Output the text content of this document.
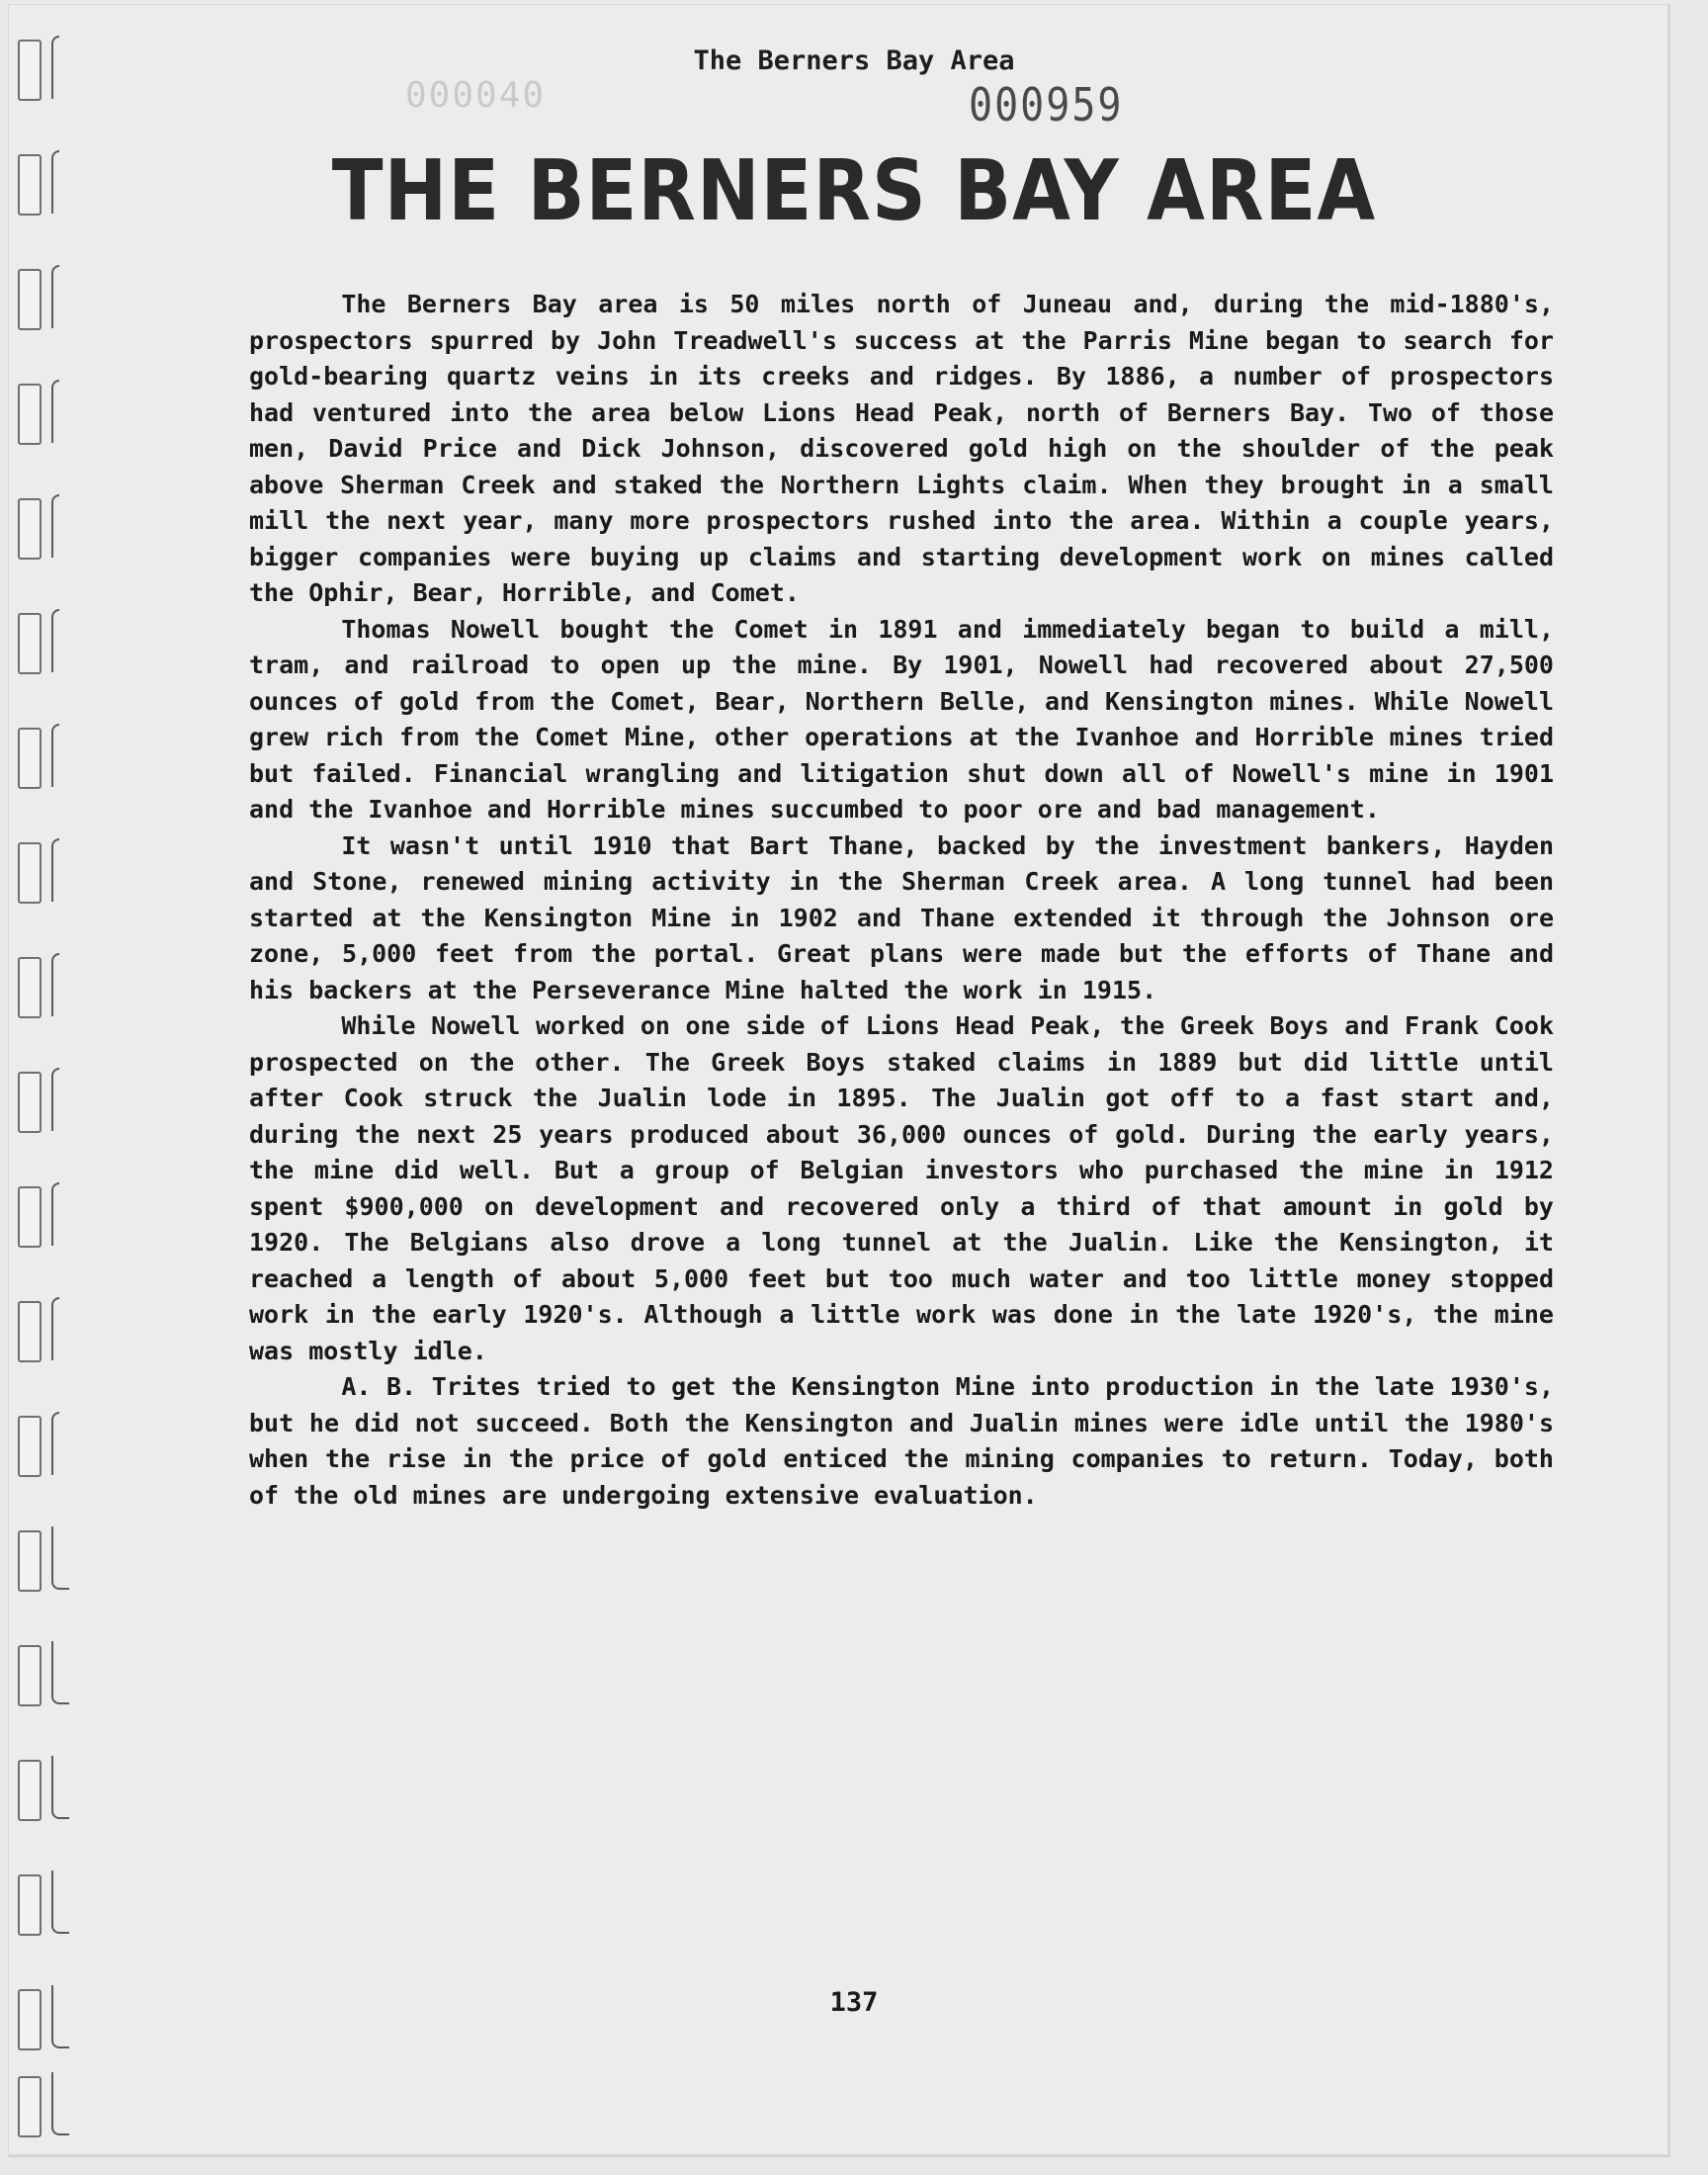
000040
The Berners Bay Area
000959
THE BERNERS BAY AREA

The Berners Bay area is 50 miles north of Juneau and, during the mid-1880's, prospectors spurred by John Treadwell's success at the Parris Mine began to search for gold-bearing quartz veins in its creeks and ridges. By 1886, a number of prospectors had ventured into the area below Lions Head Peak, north of Berners Bay. Two of those men, David Price and Dick Johnson, discovered gold high on the shoulder of the peak above Sherman Creek and staked the Northern Lights claim. When they brought in a small mill the next year, many more prospectors rushed into the area. Within a couple years, bigger companies were buying up claims and starting development work on mines called the Ophir, Bear, Horrible, and Comet.

Thomas Nowell bought the Comet in 1891 and immediately began to build a mill, tram, and railroad to open up the mine. By 1901, Nowell had recovered about 27,500 ounces of gold from the Comet, Bear, Northern Belle, and Kensington mines. While Nowell grew rich from the Comet Mine, other operations at the Ivanhoe and Horrible mines tried but failed. Financial wrangling and litigation shut down all of Nowell's mine in 1901 and the Ivanhoe and Horrible mines succumbed to poor ore and bad management.

It wasn't until 1910 that Bart Thane, backed by the investment bankers, Hayden and Stone, renewed mining activity in the Sherman Creek area. A long tunnel had been started at the Kensington Mine in 1902 and Thane extended it through the Johnson ore zone, 5,000 feet from the portal. Great plans were made but the efforts of Thane and his backers at the Perseverance Mine halted the work in 1915.

While Nowell worked on one side of Lions Head Peak, the Greek Boys and Frank Cook prospected on the other. The Greek Boys staked claims in 1889 but did little until after Cook struck the Jualin lode in 1895. The Jualin got off to a fast start and, during the next 25 years produced about 36,000 ounces of gold. During the early years, the mine did well. But a group of Belgian investors who purchased the mine in 1912 spent $900,000 on development and recovered only a third of that amount in gold by 1920. The Belgians also drove a long tunnel at the Jualin. Like the Kensington, it reached a length of about 5,000 feet but too much water and too little money stopped work in the early 1920's. Although a little work was done in the late 1920's, the mine was mostly idle.

A. B. Trites tried to get the Kensington Mine into production in the late 1930's, but he did not succeed. Both the Kensington and Jualin mines were idle until the 1980's when the rise in the price of gold enticed the mining companies to return. Today, both of the old mines are undergoing extensive evaluation.

137
